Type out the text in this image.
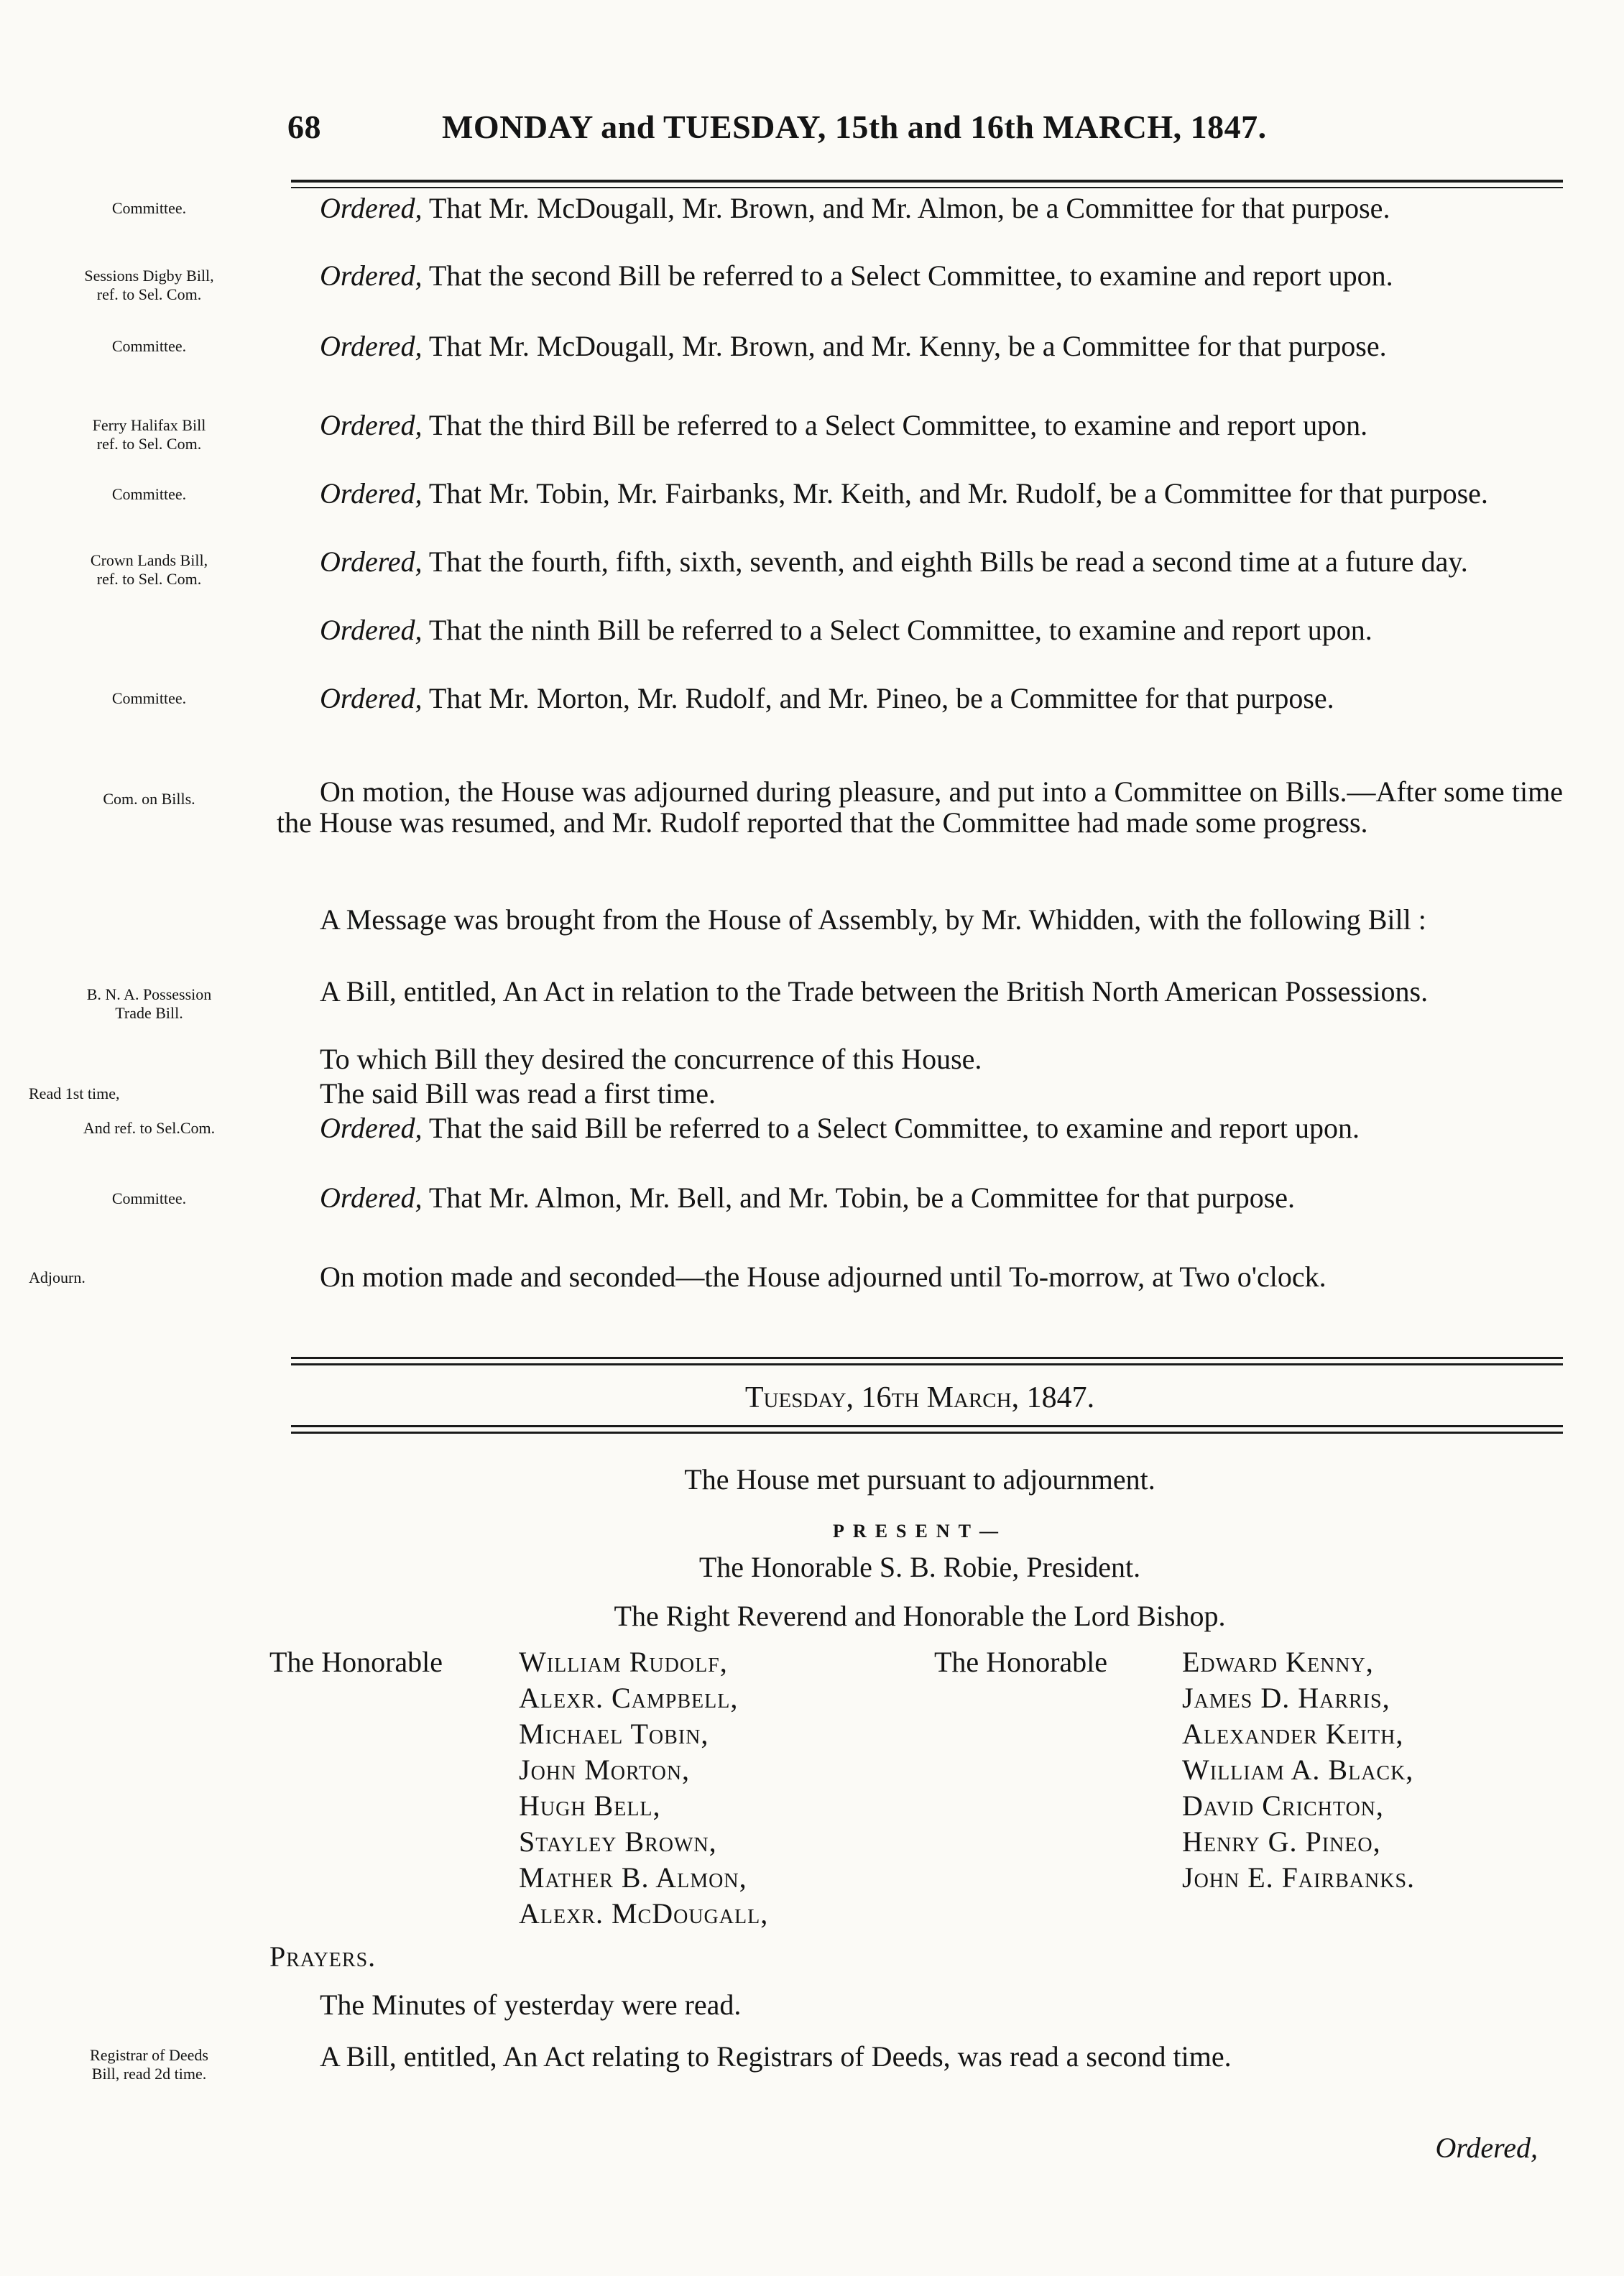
68	MONDAY and TUESDAY, 15th and 16th MARCH, 1847.
Committee.
Sessions Digby Bill,
ref. to Sel. Com.
Committee.
Ferry Halifax Bill
ref. to Sel. Com.
Committee.
Crown Lands Bill,
ref. to Sel. Com.
Committee.
Com. on Bills.
B. N. A. Possession
Trade Bill.
Read 1st time,
And ref. to Sel.Com.
Committee.
Adjourn.
Registrar of Deeds
Bill, read 2d time.
Ordered, That Mr. McDougall, Mr. Brown, and Mr. Almon, be a Committee for that purpose.
Ordered, That the second Bill be referred to a Select Committee, to examine and report upon.
Ordered, That Mr. McDougall, Mr. Brown, and Mr. Kenny, be a Committee for that purpose.
Ordered, That the third Bill be referred to a Select Committee, to examine and report upon.
Ordered, That Mr. Tobin, Mr. Fairbanks, Mr. Keith, and Mr. Rudolf, be a Committee for that purpose.
Ordered, That the fourth, fifth, sixth, seventh, and eighth Bills be read a second time at a future day.
Ordered, That the ninth Bill be referred to a Select Committee, to examine and report upon.
Ordered, That Mr. Morton, Mr. Rudolf, and Mr. Pineo, be a Committee for that purpose.
On motion, the House was adjourned during pleasure, and put into a Committee on Bills.—After some time the House was resumed, and Mr. Rudolf reported that the Committee had made some progress.
A Message was brought from the House of Assembly, by Mr. Whidden, with the following Bill :
A Bill, entitled, An Act in relation to the Trade between the British North American Possessions.
To which Bill they desired the concurrence of this House.
The said Bill was read a first time.
Ordered, That the said Bill be referred to a Select Committee, to examine and report upon.
Ordered, That Mr. Almon, Mr. Bell, and Mr. Tobin, be a Committee for that purpose.
On motion made and seconded—the House adjourned until To-morrow, at Two o'clock.
Tuesday, 16th March, 1847.
The House met pursuant to adjournment.
PRESENT—
The Honorable S. B. Robie, President.
The Right Reverend and Honorable the Lord Bishop.
The Honorable	William Rudolf,
Alexr. Campbell,
Michael Tobin,
John Morton,
Hugh Bell,
Stayley Brown,
Mather B. Almon,
Alexr. McDougall,
The Honorable	Edward Kenny,
James D. Harris,
Alexander Keith,
William A. Black,
David Crichton,
Henry G. Pineo,
John E. Fairbanks.
Prayers.
The Minutes of yesterday were read.
A Bill, entitled, An Act relating to Registrars of Deeds, was read a second time.
Ordered,
